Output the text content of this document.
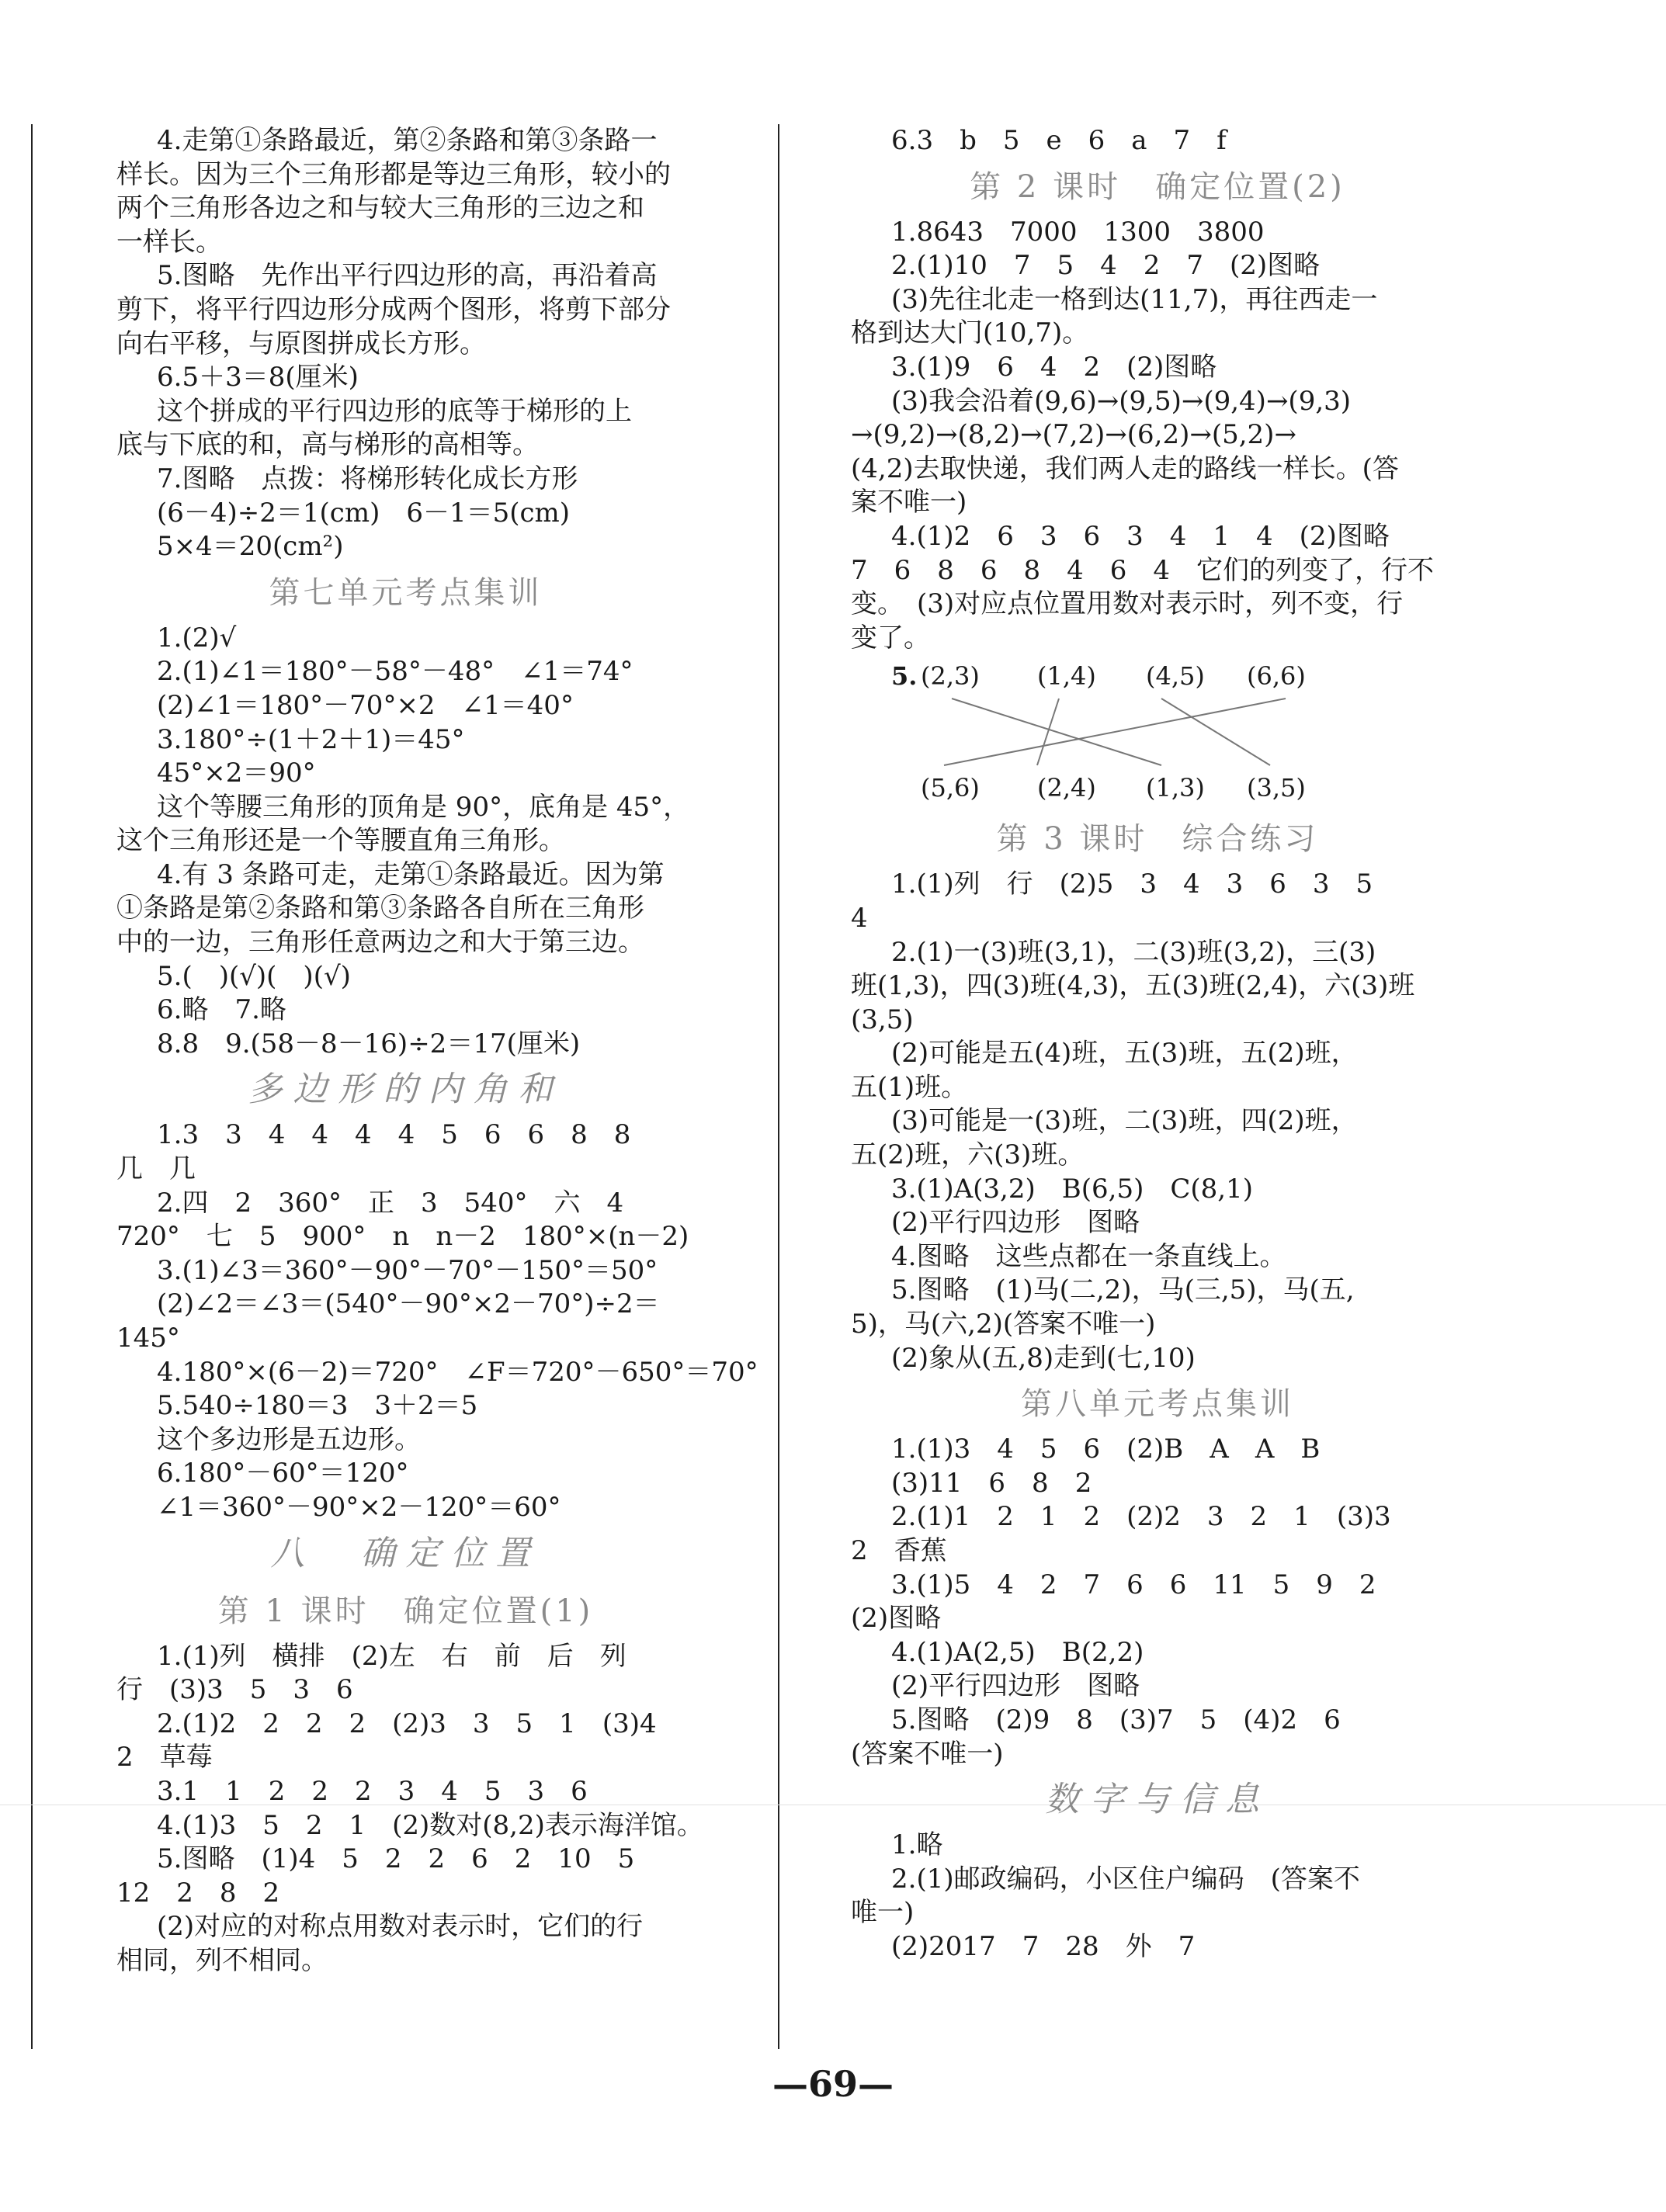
4.走第①条路最近，第②条路和第③条路一
样长。因为三个三角形都是等边三角形，较小的
两个三角形各边之和与较大三角形的三边之和
一样长。
5.图略　先作出平行四边形的高，再沿着高
剪下，将平行四边形分成两个图形，将剪下部分
向右平移，与原图拼成长方形。
6.5＋3＝8(厘米)
这个拼成的平行四边形的底等于梯形的上
底与下底的和，高与梯形的高相等。
7.图略　点拨：将梯形转化成长方形
(6－4)÷2＝1(cm)　6－1＝5(cm)
5×4＝20(cm²)
第七单元考点集训
1.(2)√
2.(1)∠1＝180°－58°－48°　∠1＝74°
(2)∠1＝180°－70°×2　∠1＝40°
3.180°÷(1＋2＋1)＝45°
45°×2＝90°
这个等腰三角形的顶角是 90°，底角是 45°，
这个三角形还是一个等腰直角三角形。
4.有 3 条路可走，走第①条路最近。因为第
①条路是第②条路和第③条路各自所在三角形
中的一边，三角形任意两边之和大于第三边。
5.(　)(√)(　)(√)
6.略　7.略
8.8　9.(58－8－16)÷2＝17(厘米)
多边形的内角和
1.3　3　4　4　4　4　5　6　6　8　8
几　几
2.四　2　360°　正　3　540°　六　4
720°　七　5　900°　n　n－2　180°×(n－2)
3.(1)∠3＝360°－90°－70°－150°＝50°
(2)∠2＝∠3＝(540°－90°×2－70°)÷2＝
145°
4.180°×(6－2)＝720°　∠F＝720°－650°＝70°
5.540÷180＝3　3＋2＝5
这个多边形是五边形。
6.180°－60°＝120°
∠1＝360°－90°×2－120°＝60°
八　确定位置
第 1 课时　确定位置(1)
1.(1)列　横排　(2)左　右　前　后　列
行　(3)3　5　3　6
2.(1)2　2　2　2　(2)3　3　5　1　(3)4
2　草莓
3.1　1　2　2　2　3　4　5　3　6
4.(1)3　5　2　1　(2)数对(8,2)表示海洋馆。
5.图略　(1)4　5　2　2　6　2　10　5
12　2　8　2
(2)对应的对称点用数对表示时，它们的行
相同，列不相同。
6.3　b　5　e　6　a　7　f
第 2 课时　确定位置(2)
1.8643　7000　1300　3800
2.(1)10　7　5　4　2　7　(2)图略
(3)先往北走一格到达(11,7)，再往西走一
格到达大门(10,7)。
3.(1)9　6　4　2　(2)图略
(3)我会沿着(9,6)→(9,5)→(9,4)→(9,3)
→(9,2)→(8,2)→(7,2)→(6,2)→(5,2)→
(4,2)去取快递，我们两人走的路线一样长。(答
案不唯一)
4.(1)2　6　3　6　3　4　1　4　(2)图略
7　6　8　6　8　4　6　4　它们的列变了，行不
变。　(3)对应点位置用数对表示时，列不变，行
变了。
5. (2,3) (1,4) (4,5) (6,6)
(5,6) (2,4) (1,3) (3,5)
第 3 课时　综合练习
1.(1)列　行　(2)5　3　4　3　6　3　5
4
2.(1)一(3)班(3,1)，二(3)班(3,2)，三(3)
班(1,3)，四(3)班(4,3)，五(3)班(2,4)，六(3)班
(3,5)
(2)可能是五(4)班，五(3)班，五(2)班，
五(1)班。
(3)可能是一(3)班，二(3)班，四(2)班，
五(2)班，六(3)班。
3.(1)A(3,2)　B(6,5)　C(8,1)
(2)平行四边形　图略
4.图略　这些点都在一条直线上。
5.图略　(1)马(二,2)，马(三,5)，马(五,
5)，马(六,2)(答案不唯一)
(2)象从(五,8)走到(七,10)
第八单元考点集训
1.(1)3　4　5　6　(2)B　A　A　B
(3)11　6　8　2
2.(1)1　2　1　2　(2)2　3　2　1　(3)3
2　香蕉
3.(1)5　4　2　7　6　6　11　5　9　2
(2)图略
4.(1)A(2,5)　B(2,2)
(2)平行四边形　图略
5.图略　(2)9　8　(3)7　5　(4)2　6
(答案不唯一)
数字与信息
1.略
2.(1)邮政编码，小区住户编码　(答案不
唯一)
(2)2017　7　28　外　7
—69—
